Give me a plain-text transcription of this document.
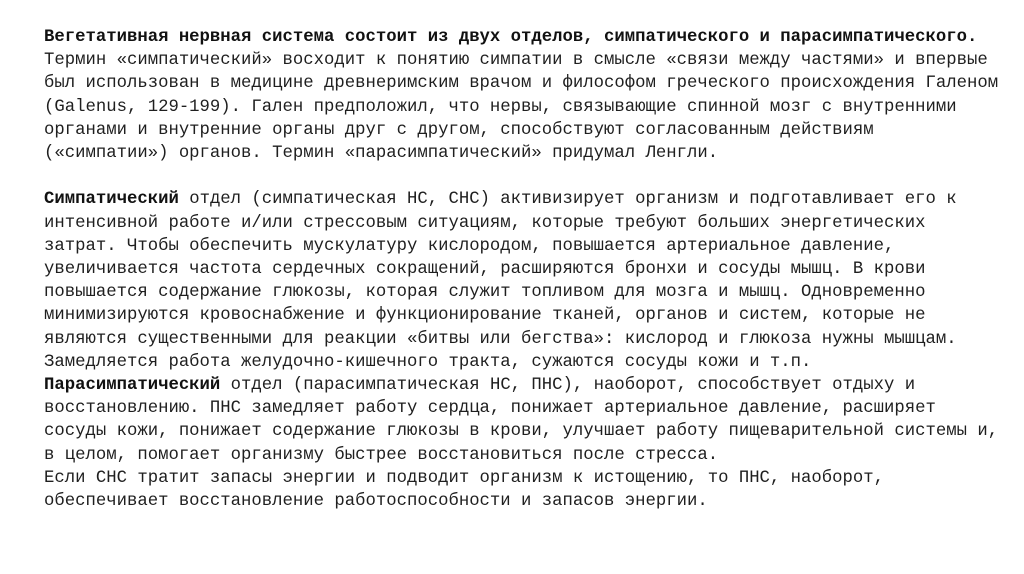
Вегетативная нервная система состоит из двух отделов, симпатического и парасимпатического. Термин «симпатический» восходит к понятию симпатии в смысле «связи между частями» и впервые был использован в медицине древнеримским врачом и философом греческого происхождения Галеном (Galenus, 129-199). Гален предположил, что нервы, связывающие спинной мозг с внутренними органами и внутренние органы друг с другом, способствуют согласованным действиям («симпатии») органов. Термин «парасимпатический» придумал Ленгли.

Симпатический отдел (симпатическая НС, СНС) активизирует организм и подготавливает его к интенсивной работе и/или стрессовым ситуациям, которые требуют больших энергетических затрат. Чтобы обеспечить мускулатуру кислородом, повышается артериальное давление, увеличивается частота сердечных сокращений, расширяются бронхи и сосуды мышц. В крови повышается содержание глюкозы, которая служит топливом для мозга и мышц. Одновременно минимизируются кровоснабжение и функционирование тканей, органов и систем, которые не являются существенными для реакции «битвы или бегства»: кислород и глюкоза нужны мышцам. Замедляется работа желудочно-кишечного тракта, сужаются сосуды кожи и т.п.

Парасимпатический отдел (парасимпатическая НС, ПНС), наоборот, способствует отдыху и восстановлению. ПНС замедляет работу сердца, понижает артериальное давление, расширяет сосуды кожи, понижает содержание глюкозы в крови, улучшает работу пищеварительной системы и, в целом, помогает организму быстрее восстановиться после стресса.

Если СНС тратит запасы энергии и подводит организм к истощению, то ПНС, наоборот, обеспечивает восстановление работоспособности и запасов энергии.
